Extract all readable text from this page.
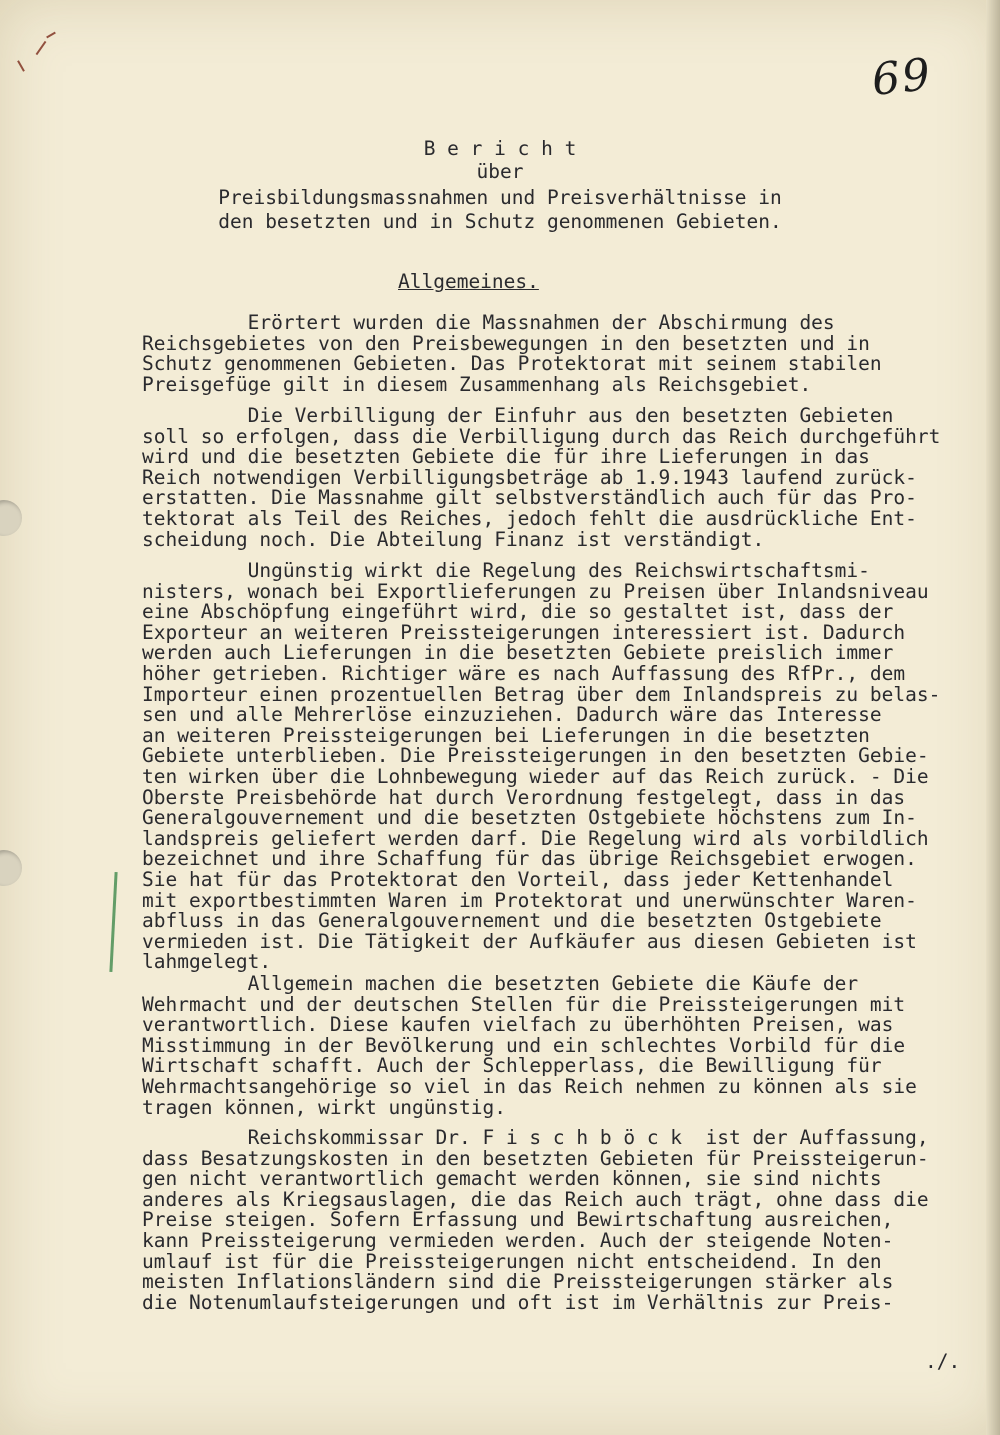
69

B e r i c h t

über

Preisbildungsmassnahmen und Preisverhältnisse in

den besetzten und in Schutz genommenen Gebieten.

Allgemeines.

Erörtert wurden die Massnahmen der Abschirmung des
Reichsgebietes von den Preisbewegungen in den besetzten und in
Schutz genommenen Gebieten. Das Protektorat mit seinem stabilen
Preisgefüge gilt in diesem Zusammenhang als Reichsgebiet.
Die Verbilligung der Einfuhr aus den besetzten Gebieten
soll so erfolgen, dass die Verbilligung durch das Reich durchgeführt
wird und die besetzten Gebiete die für ihre Lieferungen in das
Reich notwendigen Verbilligungsbeträge ab 1.9.1943 laufend zurück-
erstatten. Die Massnahme gilt selbstverständlich auch für das Pro-
tektorat als Teil des Reiches, jedoch fehlt die ausdrückliche Ent-
scheidung noch. Die Abteilung Finanz ist verständigt.
Ungünstig wirkt die Regelung des Reichswirtschaftsmi-
nisters, wonach bei Exportlieferungen zu Preisen über Inlandsniveau
eine Abschöpfung eingeführt wird, die so gestaltet ist, dass der
Exporteur an weiteren Preissteigerungen interessiert ist. Dadurch
werden auch Lieferungen in die besetzten Gebiete preislich immer
höher getrieben. Richtiger wäre es nach Auffassung des RfPr., dem
Importeur einen prozentuellen Betrag über dem Inlandspreis zu belas-
sen und alle Mehrerlöse einzuziehen. Dadurch wäre das Interesse
an weiteren Preissteigerungen bei Lieferungen in die besetzten
Gebiete unterblieben. Die Preissteigerungen in den besetzten Gebie-
ten wirken über die Lohnbewegung wieder auf das Reich zurück. - Die
Oberste Preisbehörde hat durch Verordnung festgelegt, dass in das
Generalgouvernement und die besetzten Ostgebiete höchstens zum In-
landspreis geliefert werden darf. Die Regelung wird als vorbildlich
bezeichnet und ihre Schaffung für das übrige Reichsgebiet erwogen.
Sie hat für das Protektorat den Vorteil, dass jeder Kettenhandel
mit exportbestimmten Waren im Protektorat und unerwünschter Waren-
abfluss in das Generalgouvernement und die besetzten Ostgebiete
vermieden ist. Die Tätigkeit der Aufkäufer aus diesen Gebieten ist
lahmgelegt.
Allgemein machen die besetzten Gebiete die Käufe der
Wehrmacht und der deutschen Stellen für die Preissteigerungen mit
verantwortlich. Diese kaufen vielfach zu überhöhten Preisen, was
Misstimmung in der Bevölkerung und ein schlechtes Vorbild für die
Wirtschaft schafft. Auch der Schlepperlass, die Bewilligung für
Wehrmachtsangehörige so viel in das Reich nehmen zu können als sie
tragen können, wirkt ungünstig.
Reichskommissar Dr. F i s c h b ö c k  ist der Auffassung,
dass Besatzungskosten in den besetzten Gebieten für Preissteigerun-
gen nicht verantwortlich gemacht werden können, sie sind nichts
anderes als Kriegsauslagen, die das Reich auch trägt, ohne dass die
Preise steigen. Sofern Erfassung und Bewirtschaftung ausreichen,
kann Preissteigerung vermieden werden. Auch der steigende Noten-
umlauf ist für die Preissteigerungen nicht entscheidend. In den
meisten Inflationsländern sind die Preissteigerungen stärker als
die Notenumlaufsteigerungen und oft ist im Verhältnis zur Preis-
./.
